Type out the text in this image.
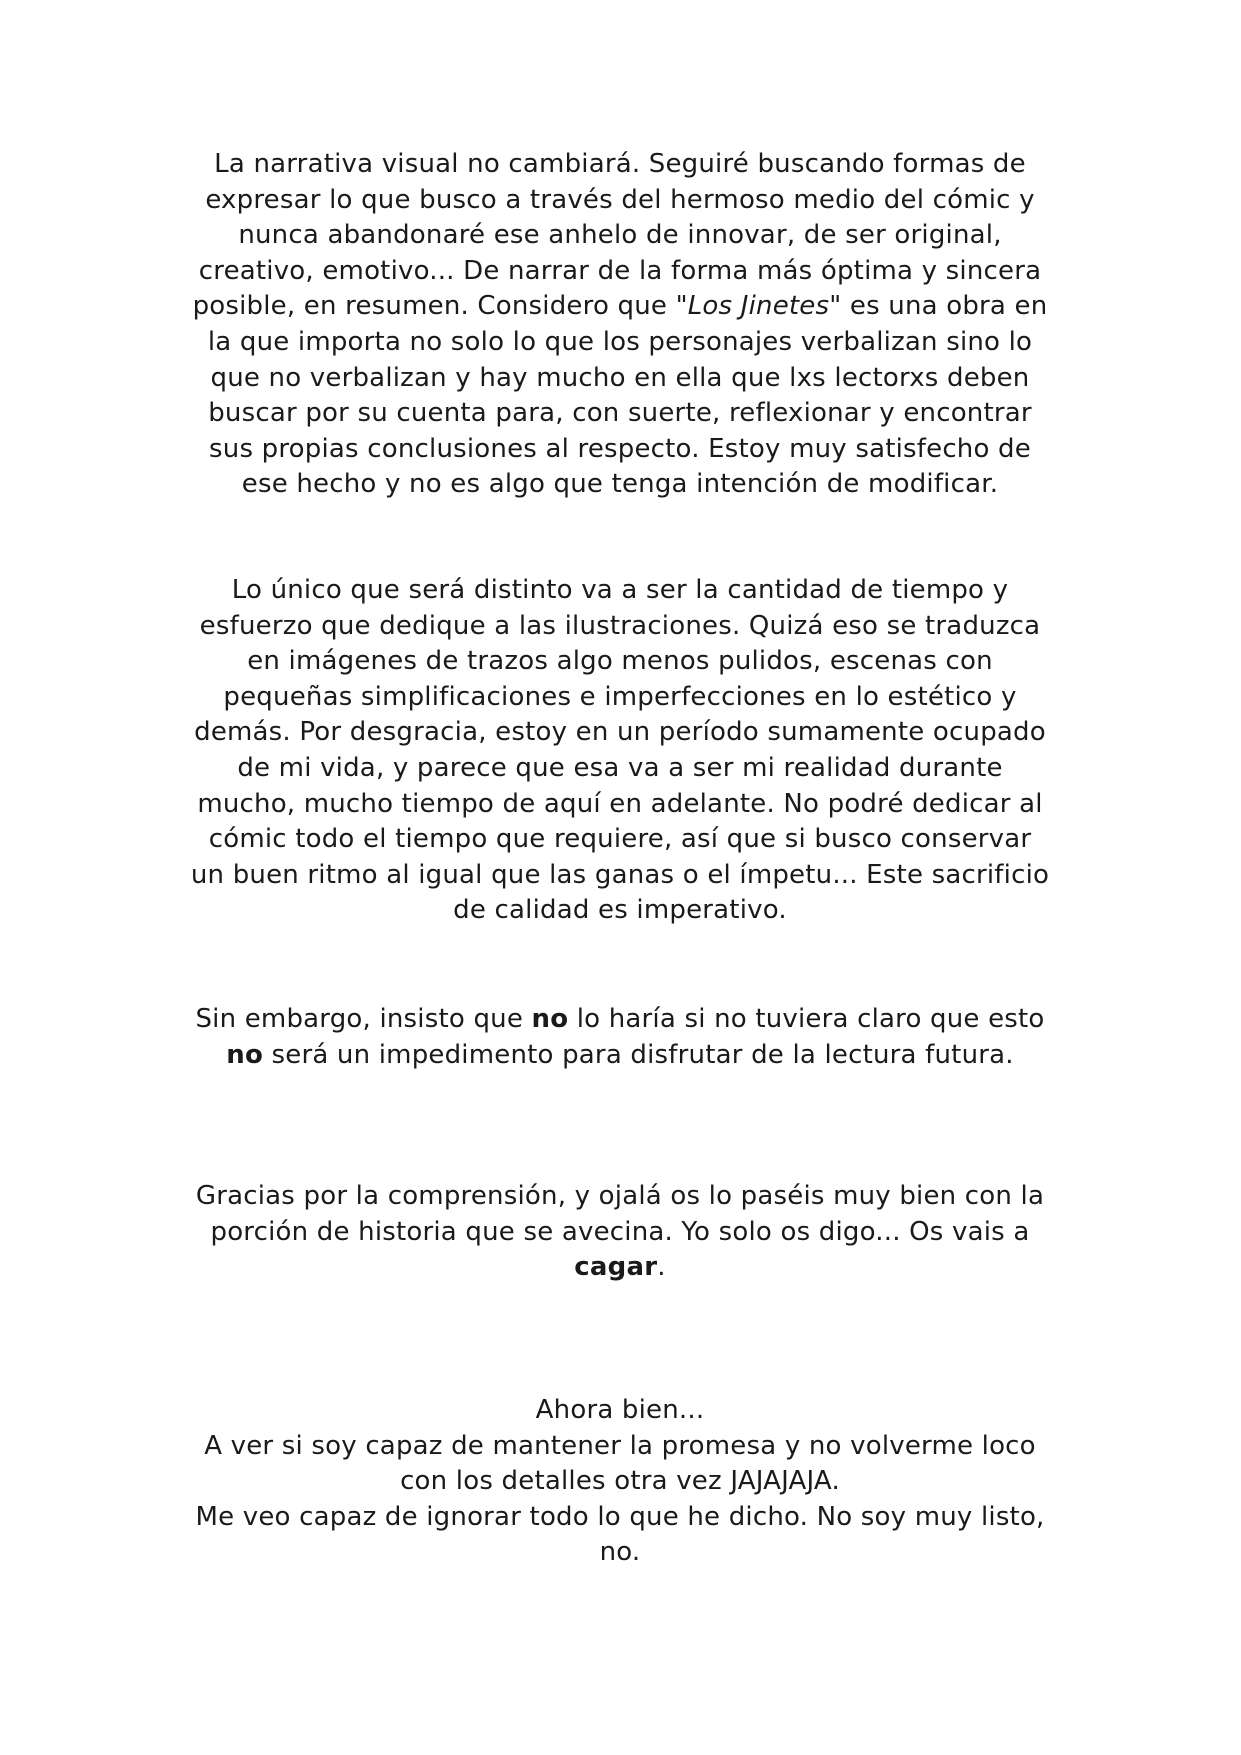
La narrativa visual no cambiará. Seguiré buscando formas de
expresar lo que busco a través del hermoso medio del cómic y
nunca abandonaré ese anhelo de innovar, de ser original,
creativo, emotivo... De narrar de la forma más óptima y sincera
posible, en resumen. Considero que "Los Jinetes" es una obra en
la que importa no solo lo que los personajes verbalizan sino lo
que no verbalizan y hay mucho en ella que lxs lectorxs deben
buscar por su cuenta para, con suerte, reflexionar y encontrar
sus propias conclusiones al respecto. Estoy muy satisfecho de
ese hecho y no es algo que tenga intención de modificar.

Lo único que será distinto va a ser la cantidad de tiempo y
esfuerzo que dedique a las ilustraciones. Quizá eso se traduzca
en imágenes de trazos algo menos pulidos, escenas con
pequeñas simplificaciones e imperfecciones en lo estético y
demás. Por desgracia, estoy en un período sumamente ocupado
de mi vida, y parece que esa va a ser mi realidad durante
mucho, mucho tiempo de aquí en adelante. No podré dedicar al
cómic todo el tiempo que requiere, así que si busco conservar
un buen ritmo al igual que las ganas o el ímpetu... Este sacrificio
de calidad es imperativo.

Sin embargo, insisto que no lo haría si no tuviera claro que esto
no será un impedimento para disfrutar de la lectura futura.

Gracias por la comprensión, y ojalá os lo paséis muy bien con la
porción de historia que se avecina. Yo solo os digo... Os vais a
cagar.

Ahora bien...
A ver si soy capaz de mantener la promesa y no volverme loco
con los detalles otra vez JAJAJAJA.
Me veo capaz de ignorar todo lo que he dicho. No soy muy listo,
no.
